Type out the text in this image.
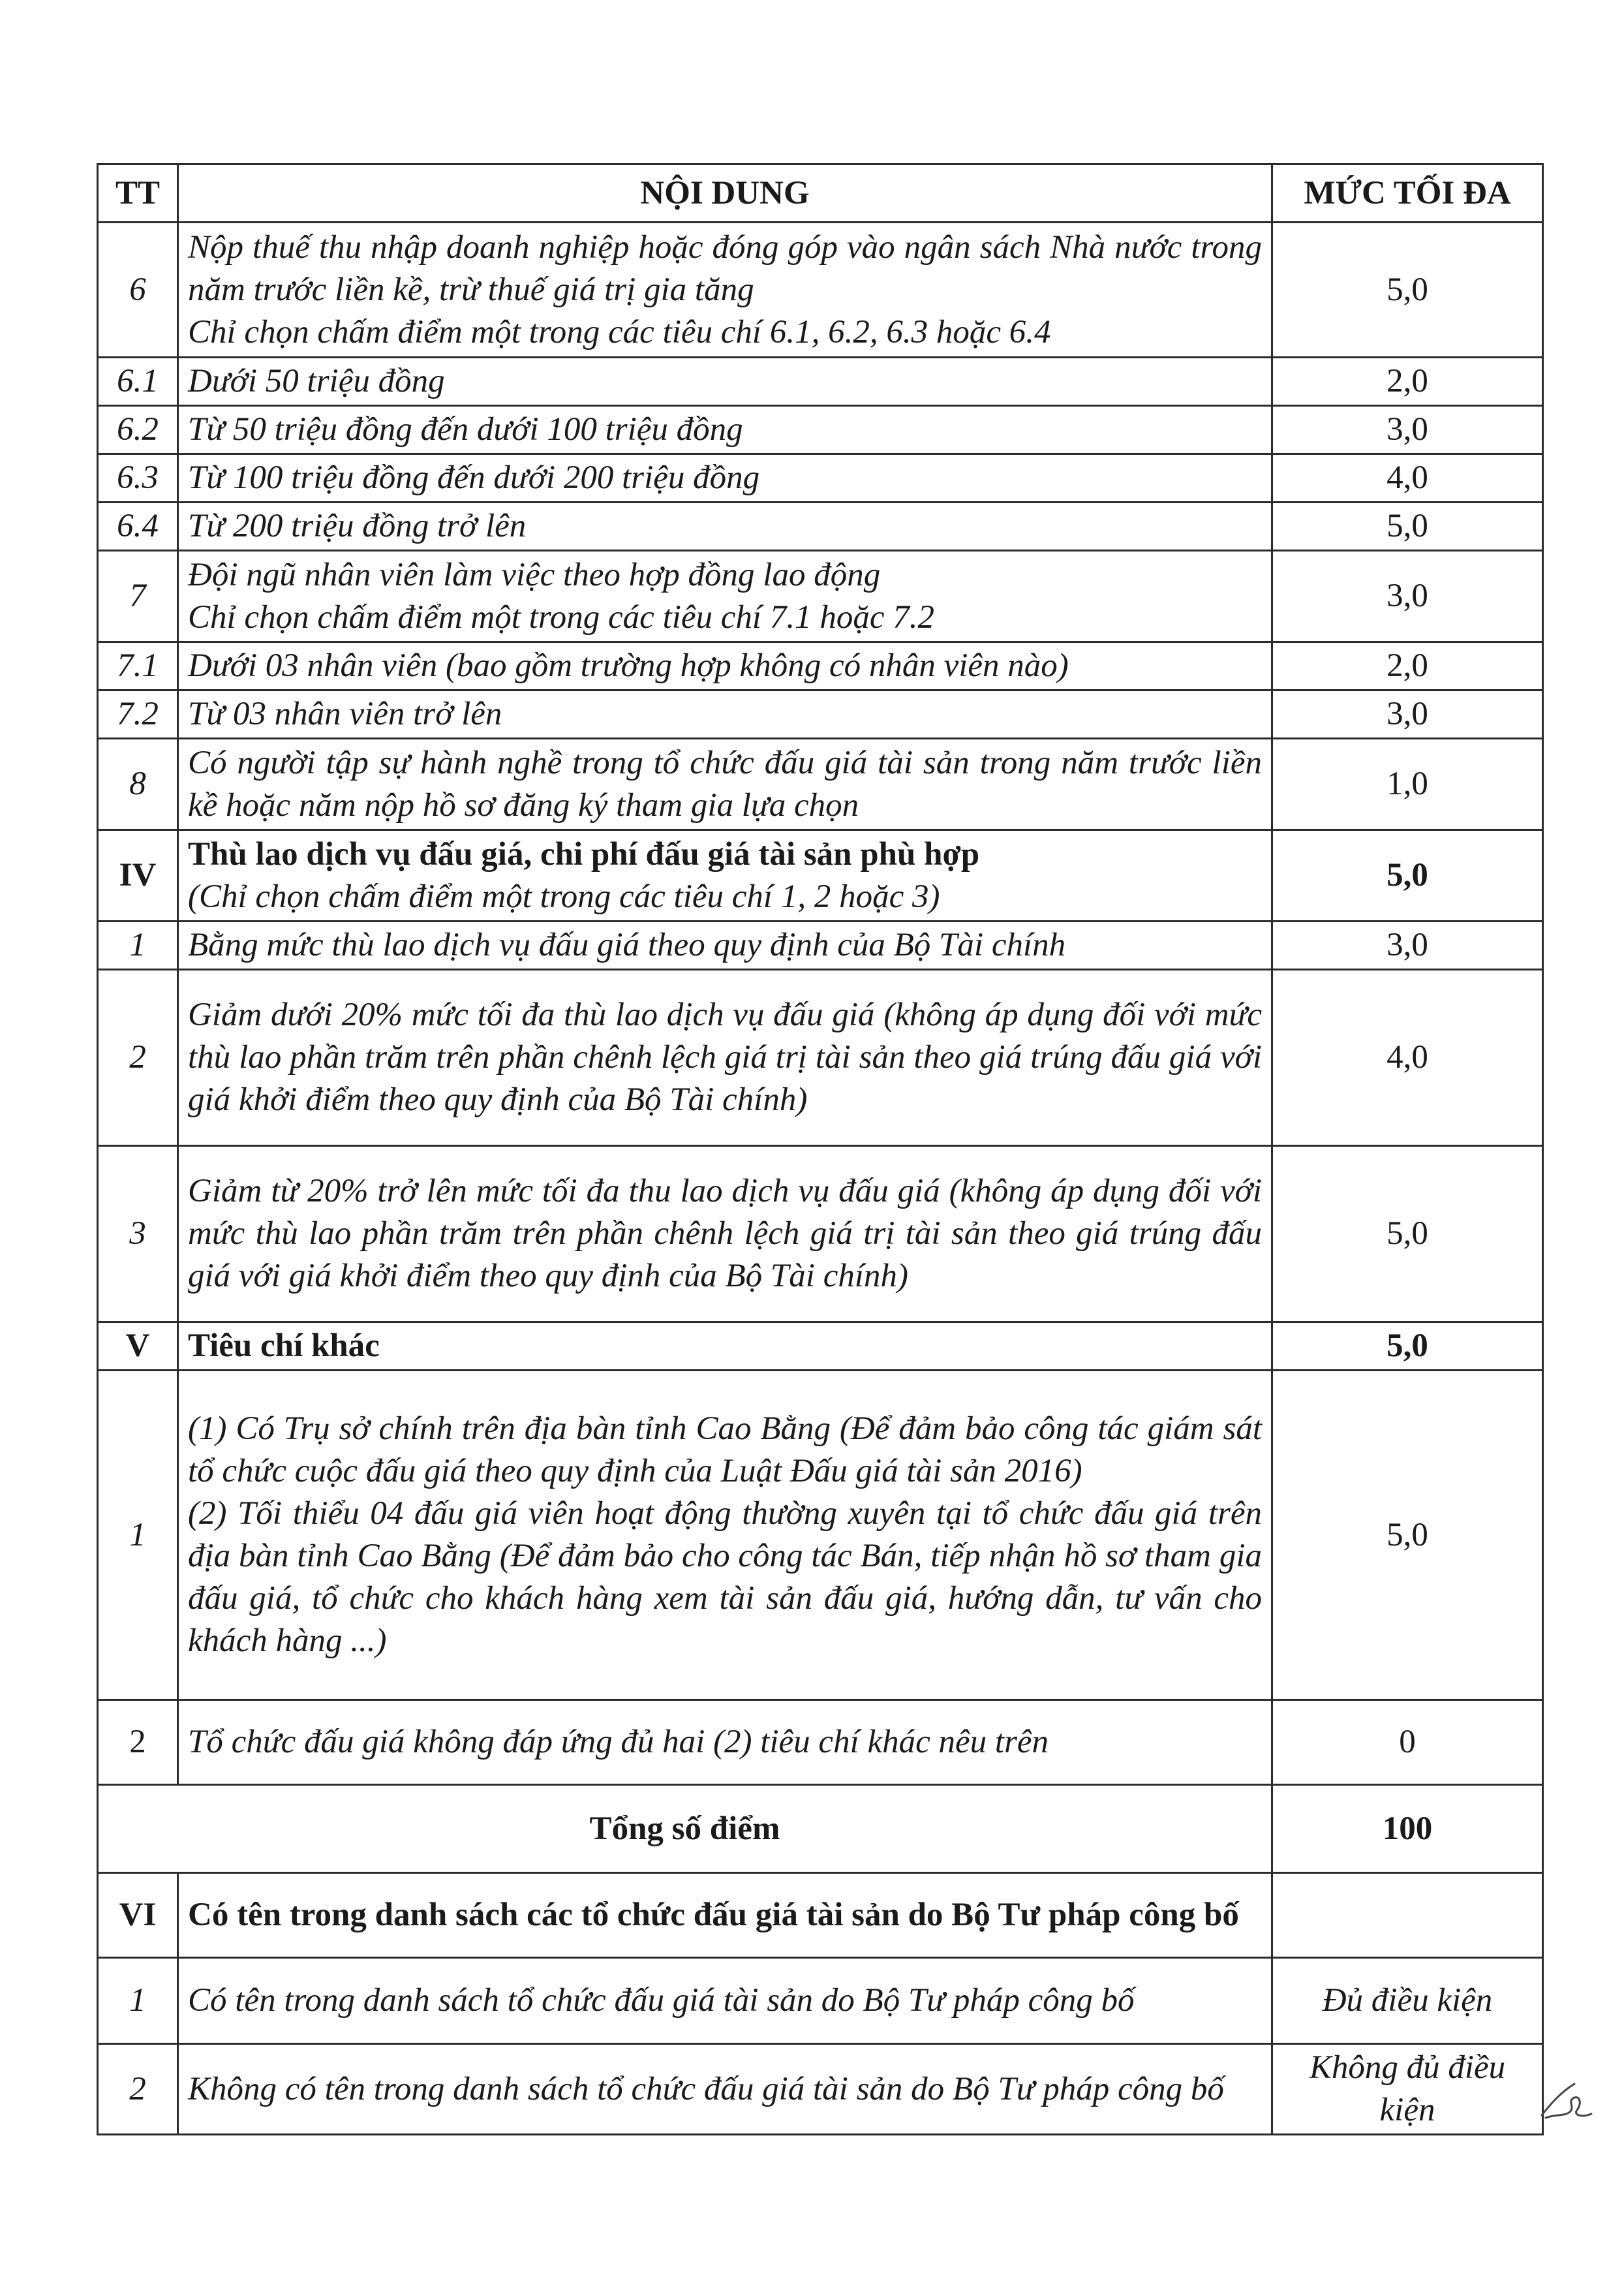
TT	NỘI DUNG	MỨC TỐI ĐA
6	Nộp thuế thu nhập doanh nghiệp hoặc đóng góp vào ngân sách Nhà nước trong năm trước liền kề, trừ thuế giá trị gia tăng
Chỉ chọn chấm điểm một trong các tiêu chí 6.1, 6.2, 6.3 hoặc 6.4	5,0
6.1	Dưới 50 triệu đồng	2,0
6.2	Từ 50 triệu đồng đến dưới 100 triệu đồng	3,0
6.3	Từ 100 triệu đồng đến dưới 200 triệu đồng	4,0
6.4	Từ 200 triệu đồng trở lên	5,0
7	Đội ngũ nhân viên làm việc theo hợp đồng lao động
Chỉ chọn chấm điểm một trong các tiêu chí 7.1 hoặc 7.2	3,0
7.1	Dưới 03 nhân viên (bao gồm trường hợp không có nhân viên nào)	2,0
7.2	Từ 03 nhân viên trở lên	3,0
8	Có người tập sự hành nghề trong tổ chức đấu giá tài sản trong năm trước liền kề hoặc năm nộp hồ sơ đăng ký tham gia lựa chọn	1,0
IV	Thù lao dịch vụ đấu giá, chi phí đấu giá tài sản phù hợp
(Chỉ chọn chấm điểm một trong các tiêu chí 1, 2 hoặc 3)	5,0
1	Bằng mức thù lao dịch vụ đấu giá theo quy định của Bộ Tài chính	3,0
2	Giảm dưới 20% mức tối đa thù lao dịch vụ đấu giá (không áp dụng đối với mức thù lao phần trăm trên phần chênh lệch giá trị tài sản theo giá trúng đấu giá với giá khởi điểm theo quy định của Bộ Tài chính)	4,0
3	Giảm từ 20% trở lên mức tối đa thu lao dịch vụ đấu giá (không áp dụng đối với mức thù lao phần trăm trên phần chênh lệch giá trị tài sản theo giá trúng đấu giá với giá khởi điểm theo quy định của Bộ Tài chính)	5,0
V	Tiêu chí khác	5,0
1	(1) Có Trụ sở chính trên địa bàn tỉnh Cao Bằng (Để đảm bảo công tác giám sát tổ chức cuộc đấu giá theo quy định của Luật Đấu giá tài sản 2016)
(2) Tối thiểu 04 đấu giá viên hoạt động thường xuyên tại tổ chức đấu giá trên địa bàn tỉnh Cao Bằng (Để đảm bảo cho công tác Bán, tiếp nhận hồ sơ tham gia đấu giá, tổ chức cho khách hàng xem tài sản đấu giá, hướng dẫn, tư vấn cho khách hàng ...)	5,0
2	Tổ chức đấu giá không đáp ứng đủ hai (2) tiêu chí khác nêu trên	0
Tổng số điểm		100
VI	Có tên trong danh sách các tổ chức đấu giá tài sản do Bộ Tư pháp công bố	

1	Có tên trong danh sách tổ chức đấu giá tài sản do Bộ Tư pháp công bố	Đủ điều kiện
2	Không có tên trong danh sách tổ chức đấu giá tài sản do Bộ Tư pháp công bố	Không đủ điều kiện
